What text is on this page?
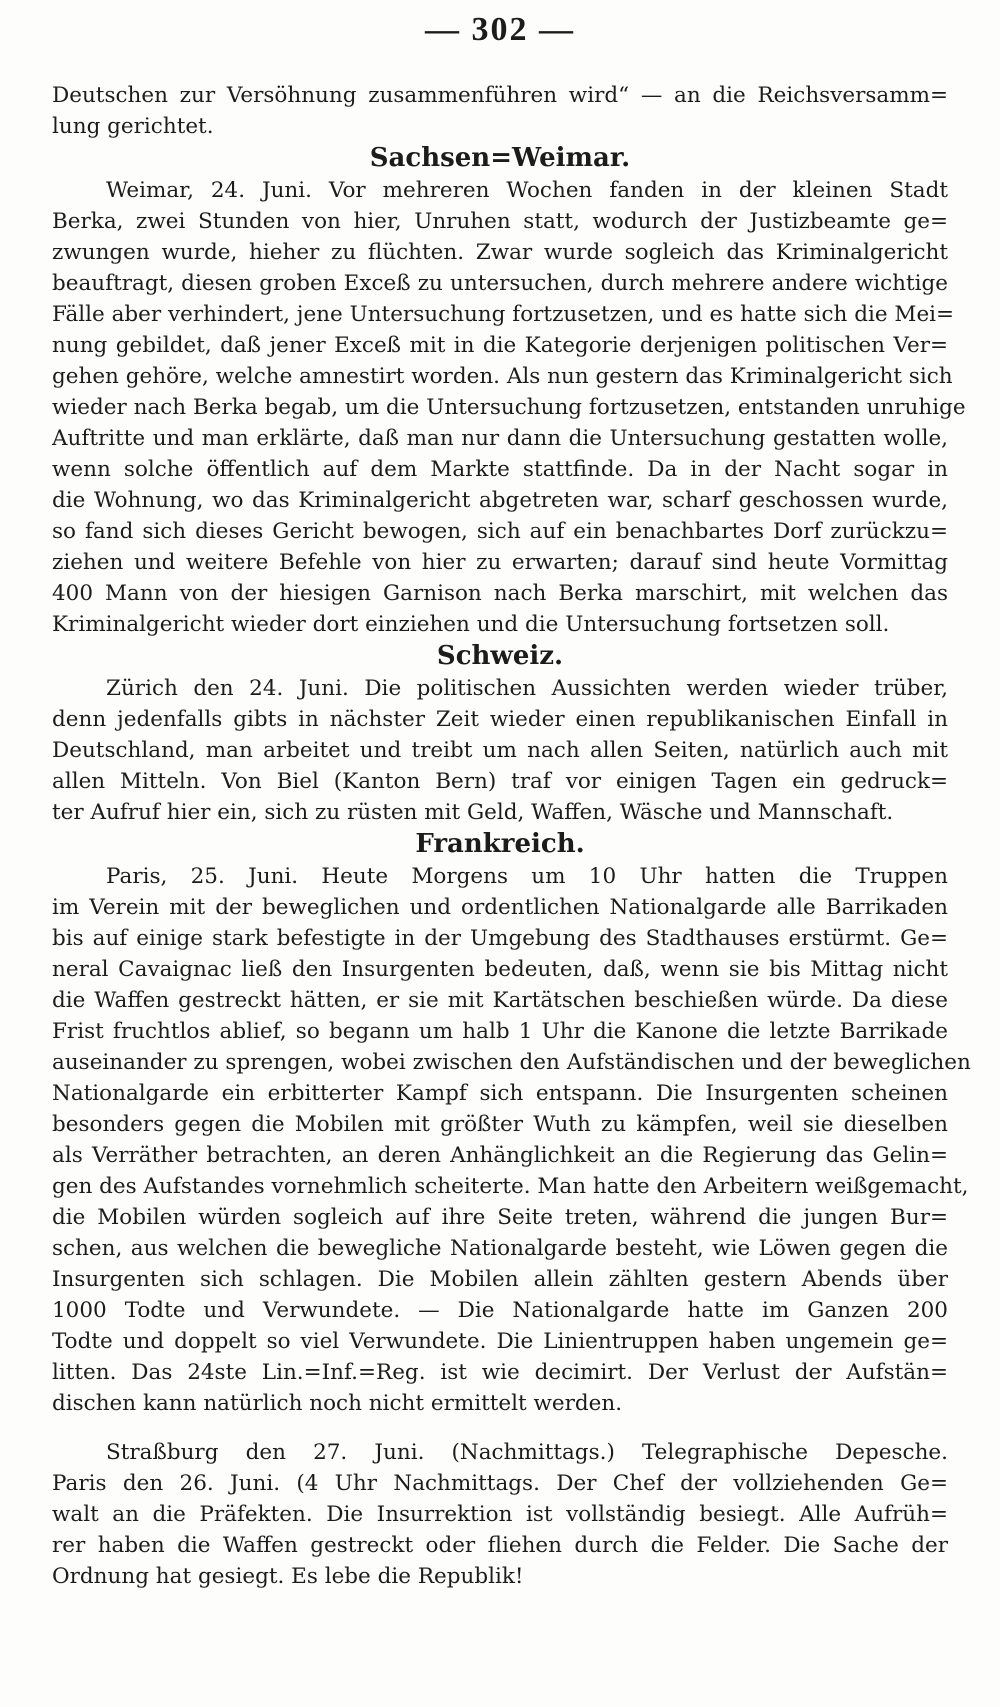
— 302 —
Deutschen zur Versöhnung zusammenführen wird“ — an die Reichsversamm=
lung gerichtet.
Sachsen=Weimar.
Weimar, 24. Juni. Vor mehreren Wochen fanden in der kleinen Stadt
Berka, zwei Stunden von hier, Unruhen statt, wodurch der Justizbeamte ge=
zwungen wurde, hieher zu flüchten. Zwar wurde sogleich das Kriminalgericht
beauftragt, diesen groben Exceß zu untersuchen, durch mehrere andere wichtige
Fälle aber verhindert, jene Untersuchung fortzusetzen, und es hatte sich die Mei=
nung gebildet, daß jener Exceß mit in die Kategorie derjenigen politischen Ver=
gehen gehöre, welche amnestirt worden. Als nun gestern das Kriminalgericht sich
wieder nach Berka begab, um die Untersuchung fortzusetzen, entstanden unruhige
Auftritte und man erklärte, daß man nur dann die Untersuchung gestatten wolle,
wenn solche öffentlich auf dem Markte stattfinde. Da in der Nacht sogar in
die Wohnung, wo das Kriminalgericht abgetreten war, scharf geschossen wurde,
so fand sich dieses Gericht bewogen, sich auf ein benachbartes Dorf zurückzu=
ziehen und weitere Befehle von hier zu erwarten; darauf sind heute Vormittag
400 Mann von der hiesigen Garnison nach Berka marschirt, mit welchen das
Kriminalgericht wieder dort einziehen und die Untersuchung fortsetzen soll.
Schweiz.
Zürich den 24. Juni. Die politischen Aussichten werden wieder trüber,
denn jedenfalls gibts in nächster Zeit wieder einen republikanischen Einfall in
Deutschland, man arbeitet und treibt um nach allen Seiten, natürlich auch mit
allen Mitteln. Von Biel (Kanton Bern) traf vor einigen Tagen ein gedruck=
ter Aufruf hier ein, sich zu rüsten mit Geld, Waffen, Wäsche und Mannschaft.
Frankreich.
Paris, 25. Juni. Heute Morgens um 10 Uhr hatten die Truppen
im Verein mit der beweglichen und ordentlichen Nationalgarde alle Barrikaden
bis auf einige stark befestigte in der Umgebung des Stadthauses erstürmt. Ge=
neral Cavaignac ließ den Insurgenten bedeuten, daß, wenn sie bis Mittag nicht
die Waffen gestreckt hätten, er sie mit Kartätschen beschießen würde. Da diese
Frist fruchtlos ablief, so begann um halb 1 Uhr die Kanone die letzte Barrikade
auseinander zu sprengen, wobei zwischen den Aufständischen und der beweglichen
Nationalgarde ein erbitterter Kampf sich entspann. Die Insurgenten scheinen
besonders gegen die Mobilen mit größter Wuth zu kämpfen, weil sie dieselben
als Verräther betrachten, an deren Anhänglichkeit an die Regierung das Gelin=
gen des Aufstandes vornehmlich scheiterte. Man hatte den Arbeitern weißgemacht,
die Mobilen würden sogleich auf ihre Seite treten, während die jungen Bur=
schen, aus welchen die bewegliche Nationalgarde besteht, wie Löwen gegen die
Insurgenten sich schlagen. Die Mobilen allein zählten gestern Abends über
1000 Todte und Verwundete. — Die Nationalgarde hatte im Ganzen 200
Todte und doppelt so viel Verwundete. Die Linientruppen haben ungemein ge=
litten. Das 24ste Lin.=Inf.=Reg. ist wie decimirt. Der Verlust der Aufstän=
dischen kann natürlich noch nicht ermittelt werden.
Straßburg den 27. Juni. (Nachmittags.) Telegraphische Depesche.
Paris den 26. Juni. (4 Uhr Nachmittags. Der Chef der vollziehenden Ge=
walt an die Präfekten. Die Insurrektion ist vollständig besiegt. Alle Aufrüh=
rer haben die Waffen gestreckt oder fliehen durch die Felder. Die Sache der
Ordnung hat gesiegt. Es lebe die Republik!
